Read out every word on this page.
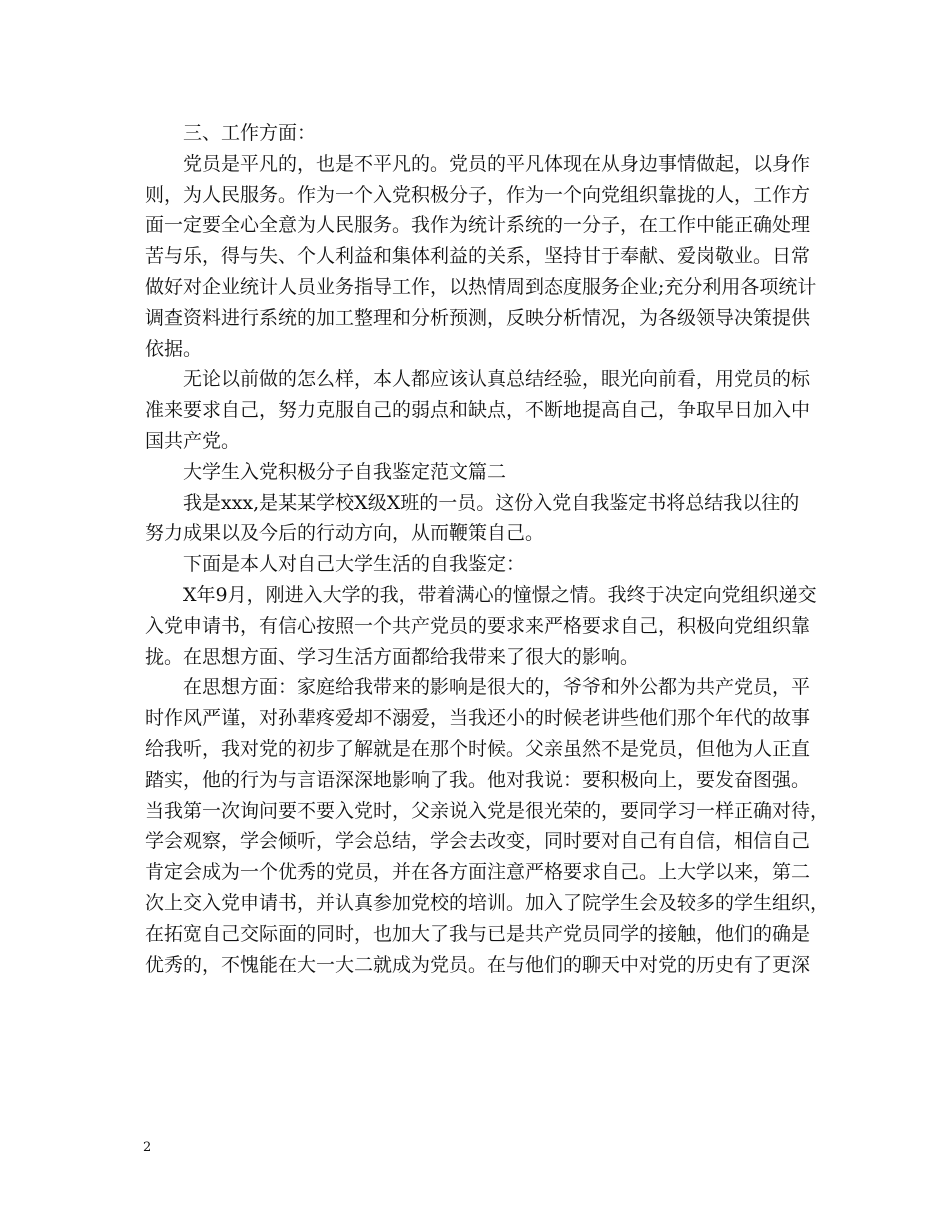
　　三、工作方面：
　　党员是平凡的，也是不平凡的。党员的平凡体现在从身边事情做起，以身作
则，为人民服务。作为一个入党积极分子，作为一个向党组织靠拢的人，工作方
面一定要全心全意为人民服务。我作为统计系统的一分子，在工作中能正确处理
苦与乐，得与失、个人利益和集体利益的关系，坚持甘于奉献、爱岗敬业。日常
做好对企业统计人员业务指导工作，以热情周到态度服务企业;充分利用各项统计
调查资料进行系统的加工整理和分析预测，反映分析情况，为各级领导决策提供
依据。
　　无论以前做的怎么样，本人都应该认真总结经验，眼光向前看，用党员的标
准来要求自己，努力克服自己的弱点和缺点，不断地提高自己，争取早日加入中
国共产党。
　　大学生入党积极分子自我鉴定范文篇二
　　我是xxx,是某某学校X级X班的一员。这份入党自我鉴定书将总结我以往的
努力成果以及今后的行动方向，从而鞭策自己。
　　下面是本人对自己大学生活的自我鉴定：
　　X年9月，刚进入大学的我，带着满心的憧憬之情。我终于决定向党组织递交
入党申请书，有信心按照一个共产党员的要求来严格要求自己，积极向党组织靠
拢。在思想方面、学习生活方面都给我带来了很大的影响。
　　在思想方面：家庭给我带来的影响是很大的，爷爷和外公都为共产党员，平
时作风严谨，对孙辈疼爱却不溺爱，当我还小的时候老讲些他们那个年代的故事
给我听，我对党的初步了解就是在那个时候。父亲虽然不是党员，但他为人正直
踏实，他的行为与言语深深地影响了我。他对我说：要积极向上，要发奋图强。
当我第一次询问要不要入党时，父亲说入党是很光荣的，要同学习一样正确对待，
学会观察，学会倾听，学会总结，学会去改变，同时要对自己有自信，相信自己
肯定会成为一个优秀的党员，并在各方面注意严格要求自己。上大学以来，第二
次上交入党申请书，并认真参加党校的培训。加入了院学生会及较多的学生组织，
在拓宽自己交际面的同时，也加大了我与已是共产党员同学的接触，他们的确是
优秀的，不愧能在大一大二就成为党员。在与他们的聊天中对党的历史有了更深
2
